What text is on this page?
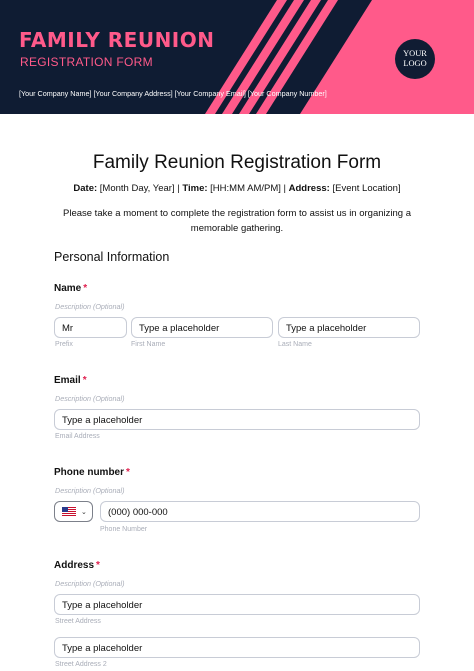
FAMILY REUNION
REGISTRATION FORM
[Your Company Name] [Your Company Address] [Your Company Email] [Your Company Number]
YOUR
LOGO
Family Reunion Registration Form
Date: [Month Day, Year] | Time: [HH:MM AM/PM] | Address: [Event Location]
Please take a moment to complete the registration form to assist us in organizing a memorable gathering.
Personal Information
Name *
Description (Optional)
Mr	Type a placeholder	Type a placeholder
Prefix	First Name	Last Name
Email *
Description (Optional)
Type a placeholder
Email Address
Phone number *
Description (Optional)
⌄	(000) 000-000
Phone Number
Address *
Description (Optional)
Type a placeholder
Street Address
Type a placeholder
Street Address 2
